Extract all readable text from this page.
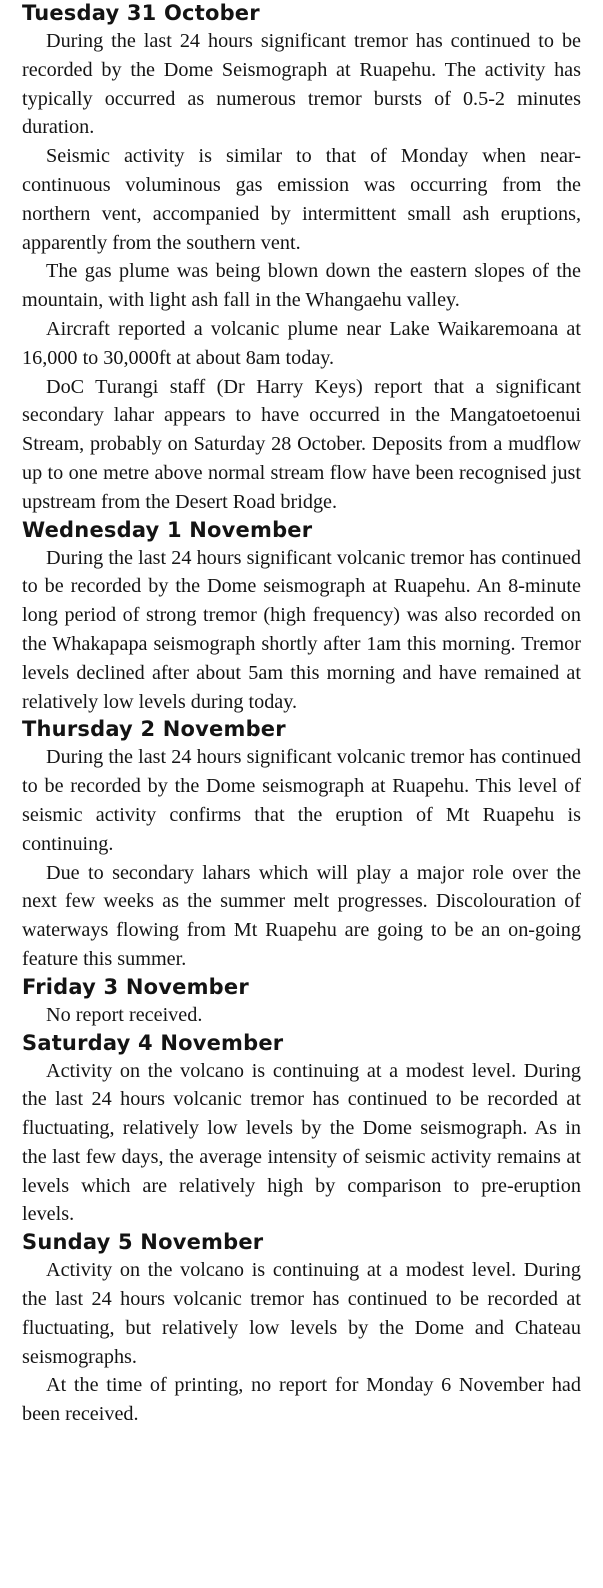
Tuesday 31 October

During the last 24 hours significant tremor has continued to be recorded by the Dome Seismograph at Ruapehu. The activity has typically occurred as numerous tremor bursts of 0.5-2 minutes duration.

Seismic activity is similar to that of Monday when near-continuous voluminous gas emission was occurring from the northern vent, accompanied by intermittent small ash eruptions, apparently from the southern vent.

The gas plume was being blown down the eastern slopes of the mountain, with light ash fall in the Whangaehu valley.

Aircraft reported a volcanic plume near Lake Waikaremoana at 16,000 to 30,000ft at about 8am today.

DoC Turangi staff (Dr Harry Keys) report that a significant secondary lahar appears to have occurred in the Mangatoetoenui Stream, probably on Saturday 28 October. Deposits from a mudflow up to one metre above normal stream flow have been recognised just upstream from the Desert Road bridge.

Wednesday 1 November

During the last 24 hours significant volcanic tremor has continued to be recorded by the Dome seismograph at Ruapehu. An 8-minute long period of strong tremor (high frequency) was also recorded on the Whakapapa seismograph shortly after 1am this morning. Tremor levels declined after about 5am this morning and have remained at relatively low levels during today.

Thursday 2 November

During the last 24 hours significant volcanic tremor has continued to be recorded by the Dome seismograph at Ruapehu. This level of seismic activity confirms that the eruption of Mt Ruapehu is continuing.

Due to secondary lahars which will play a major role over the next few weeks as the summer melt progresses. Discolouration of waterways flowing from Mt Ruapehu are going to be an on-going feature this summer.

Friday 3 November

No report received.

Saturday 4 November

Activity on the volcano is continuing at a modest level. During the last 24 hours volcanic tremor has continued to be recorded at fluctuating, relatively low levels by the Dome seismograph. As in the last few days, the average intensity of seismic activity remains at levels which are relatively high by comparison to pre-eruption levels.

Sunday 5 November

Activity on the volcano is continuing at a modest level. During the last 24 hours volcanic tremor has continued to be recorded at fluctuating, but relatively low levels by the Dome and Chateau seismographs.

At the time of printing, no report for Monday 6 November had been received.
